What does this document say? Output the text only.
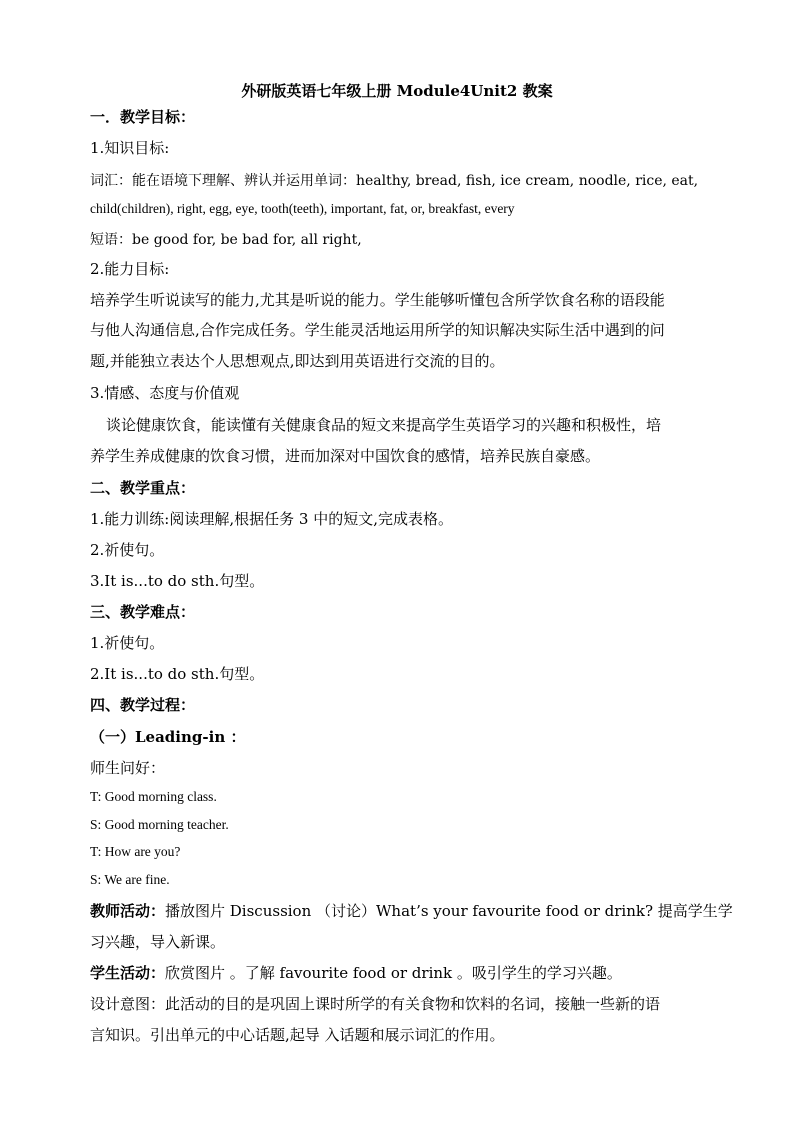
外研版英语七年级上册 Module4Unit2 教案
一．教学目标：
1.知识目标:
词汇：能在语境下理解、辨认并运用单词：healthy, bread, fish, ice cream, noodle, rice, eat,
child(children), right, egg, eye, tooth(teeth), important, fat, or, breakfast, every
短语：be good for, be bad for, all right,
2.能力目标:
培养学生听说读写的能力,尤其是听说的能力。学生能够听懂包含所学饮食名称的语段能
与他人沟通信息,合作完成任务。学生能灵活地运用所学的知识解决实际生活中遇到的问
题,并能独立表达个人思想观点,即达到用英语进行交流的目的。
3.情感、态度与价值观
谈论健康饮食，能读懂有关健康食品的短文来提高学生英语学习的兴趣和积极性，培
养学生养成健康的饮食习惯，进而加深对中国饮食的感情，培养民族自豪感。
二、教学重点：
1.能力训练:阅读理解,根据任务 3 中的短文,完成表格。
2.祈使句。
3.It is...to do sth.句型。
三、教学难点：
1.祈使句。
2.It is...to do sth.句型。
四、教学过程：
（一）Leading-in ：
师生问好：
T: Good morning class.
S: Good morning teacher.
T: How are you?
S: We are fine.
教师活动：播放图片 Discussion （讨论）What’s your favourite food or drink? 提高学生学
习兴趣，导入新课。
学生活动：欣赏图片 。了解 favourite food or drink 。吸引学生的学习兴趣。
设计意图：此活动的目的是巩固上课时所学的有关食物和饮料的名词，接触一些新的语
言知识。引出单元的中心话题,起导 入话题和展示词汇的作用。
